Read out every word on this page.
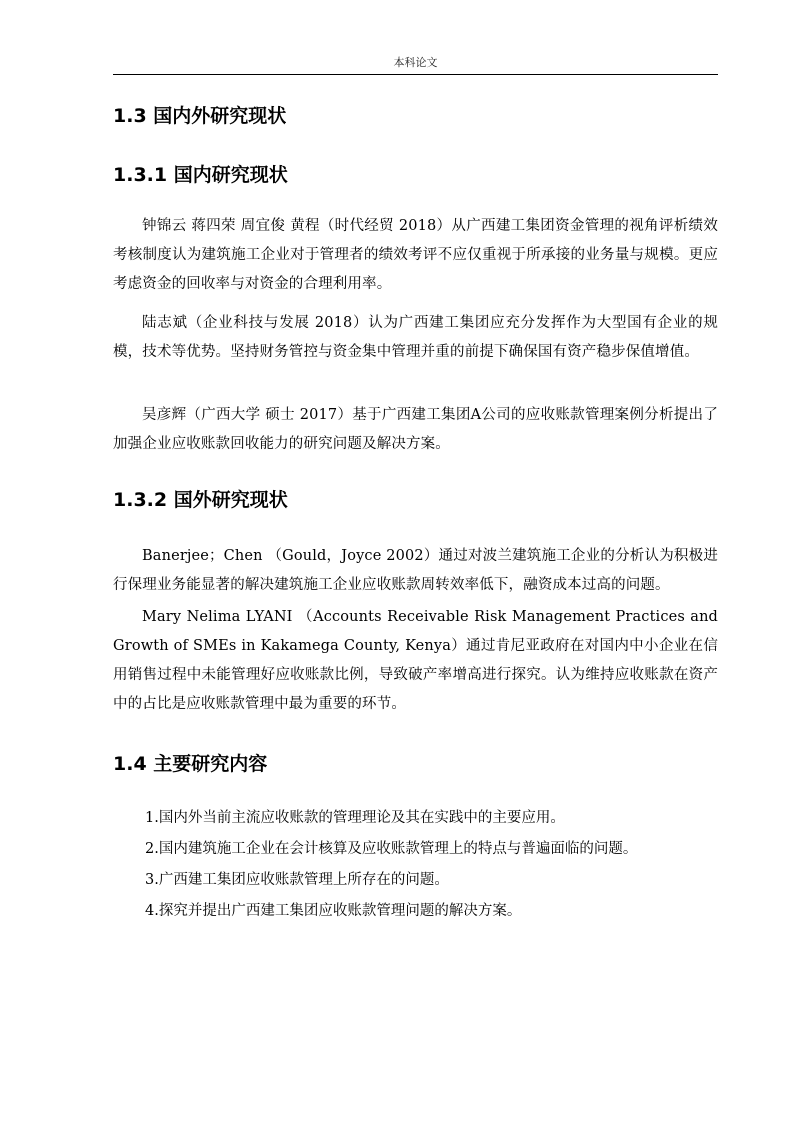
本科论文
1.3 国内外研究现状
1.3.1 国内研究现状

钟锦云 蒋四荣 周宜俊 黄程（时代经贸 2018）从广西建工集团资金管理的视角评析绩效考核制度认为建筑施工企业对于管理者的绩效考评不应仅重视于所承接的业务量与规模。更应考虑资金的回收率与对资金的合理利用率。

陆志斌（企业科技与发展 2018）认为广西建工集团应充分发挥作为大型国有企业的规模，技术等优势。坚持财务管控与资金集中管理并重的前提下确保国有资产稳步保值增值。

吴彦辉（广西大学 硕士 2017）基于广西建工集团A公司的应收账款管理案例分析提出了加强企业应收账款回收能力的研究问题及解决方案。

1.3.2 国外研究现状

Banerjee；Chen （Gould，Joyce 2002）通过对波兰建筑施工企业的分析认为积极进行保理业务能显著的解决建筑施工企业应收账款周转效率低下，融资成本过高的问题。

Mary Nelima LYANI （Accounts Receivable Risk Management Practices and Growth of SMEs in Kakamega County, Kenya）通过肯尼亚政府在对国内中小企业在信用销售过程中未能管理好应收账款比例，导致破产率增高进行探究。认为维持应收账款在资产中的占比是应收账款管理中最为重要的环节。

1.4 主要研究内容

1.国内外当前主流应收账款的管理理论及其在实践中的主要应用。

2.国内建筑施工企业在会计核算及应收账款管理上的特点与普遍面临的问题。

3.广西建工集团应收账款管理上所存在的问题。

4.探究并提出广西建工集团应收账款管理问题的解决方案。
